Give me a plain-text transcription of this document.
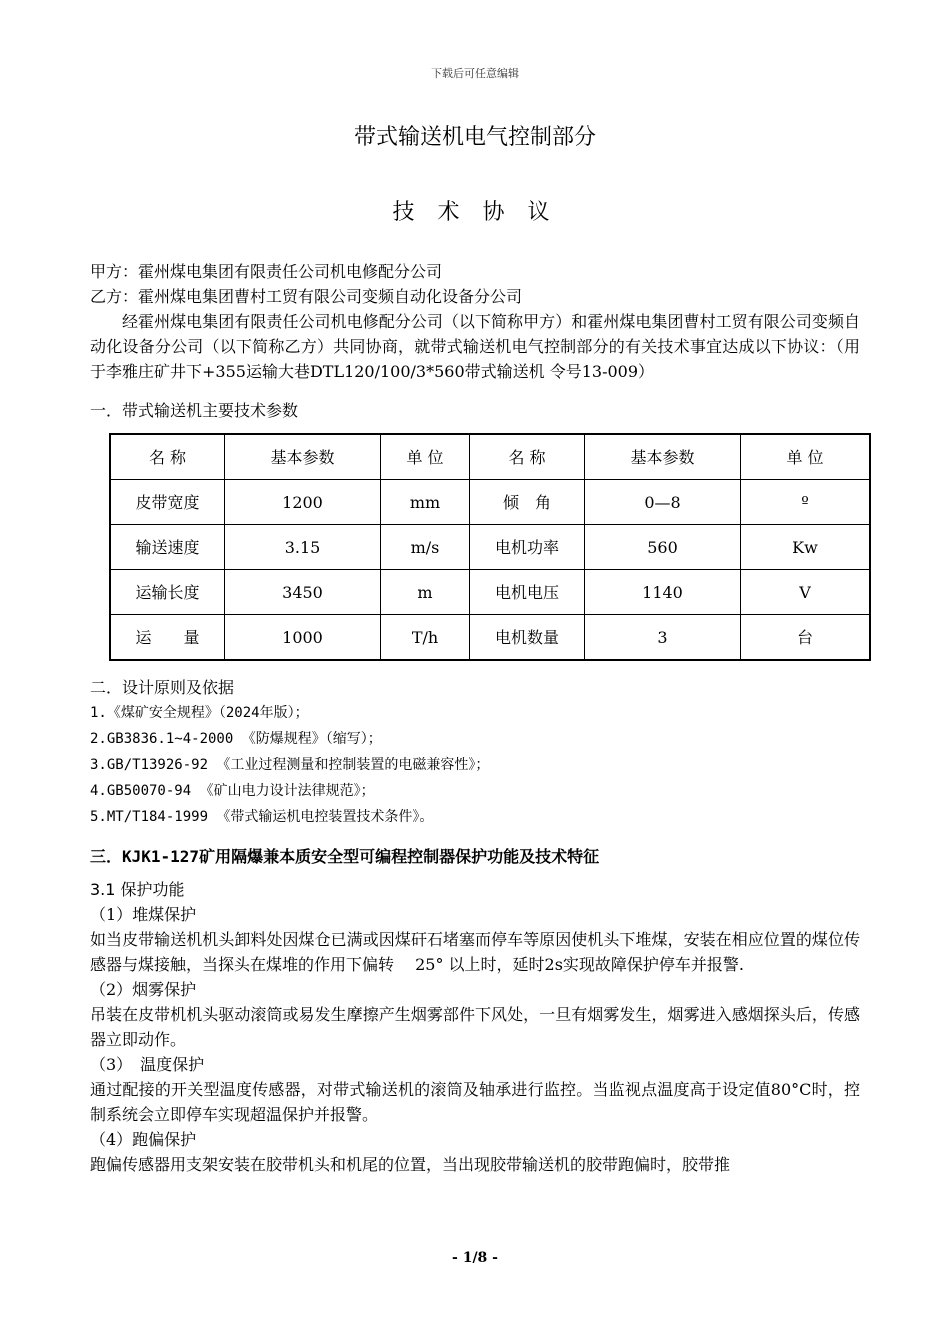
下载后可任意编辑
带式输送机电气控制部分
技 术 协 议

甲方：霍州煤电集团有限责任公司机电修配分公司

乙方：霍州煤电集团曹村工贸有限公司变频自动化设备分公司

经霍州煤电集团有限责任公司机电修配分公司（以下简称甲方）和霍州煤电集团曹村工贸有限公司变频自动化设备分公司（以下简称乙方）共同协商，就带式输送机电气控制部分的有关技术事宜达成以下协议：（用于李雅庄矿井下+355运输大巷DTL120/100/3*560带式输送机 令号13-009）

一．带式输送机主要技术参数

名 称	基本参数	单 位	名 称	基本参数	单 位
皮带宽度	1200	mm	倾　角	0—8	º
输送速度	3.15	m/s	电机功率	560	Kw
运输长度	3450	m	电机电压	1140	V
运　　量	1000	T/h	电机数量	3	台

二．设计原则及依据

1.《煤矿安全规程》（2024年版）；

2.GB3836.1~4-2000 《防爆规程》（缩写）；

3.GB/T13926-92 《工业过程测量和控制装置的电磁兼容性》；

4.GB50070-94 《矿山电力设计法律规范》；

5.MT/T184-1999 《带式输运机电控装置技术条件》。

三．KJK1-127矿用隔爆兼本质安全型可编程控制器保护功能及技术特征

3.1 保护功能

（1）堆煤保护

如当皮带输送机机头卸料处因煤仓已满或因煤矸石堵塞而停车等原因使机头下堆煤，安装在相应位置的煤位传感器与煤接触，当探头在煤堆的作用下偏转　 25° 以上时，延时2s实现故障保护停车并报警.

（2）烟雾保护

吊装在皮带机机头驱动滚筒或易发生摩擦产生烟雾部件下风处，一旦有烟雾发生，烟雾进入感烟探头后，传感器立即动作。

（3）　温度保护

通过配接的开关型温度传感器，对带式输送机的滚筒及轴承进行监控。当监视点温度高于设定值80°C时，控制系统会立即停车实现超温保护并报警。

（4）跑偏保护

跑偏传感器用支架安装在胶带机头和机尾的位置，当出现胶带输送机的胶带跑偏时，胶带推

- 1/8 -
